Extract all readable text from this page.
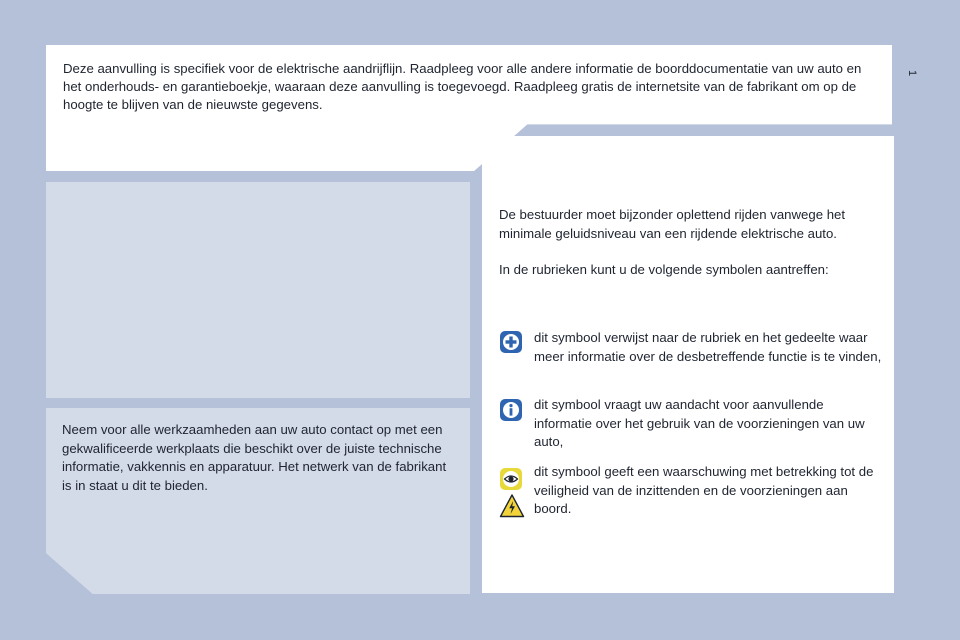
1

Deze aanvulling is specifiek voor de elektrische aandrijflijn. Raadpleeg voor alle andere informatie de boorddocumentatie van uw auto en het onderhouds- en garantieboekje, waaraan deze aanvulling is toegevoegd. Raadpleeg gratis de internetsite van de fabrikant om op de hoogte te blijven van de nieuwste gegevens.

Neem voor alle werkzaamheden aan uw auto contact op met een gekwalificeerde werkplaats die beschikt over de juiste technische informatie, vakkennis en apparatuur. Het netwerk van de fabrikant is in staat u dit te bieden.

De bestuurder moet bijzonder oplettend rijden vanwege het minimale geluidsniveau van een rijdende elektrische auto.

In de rubrieken kunt u de volgende symbolen aantreffen:

dit symbool verwijst naar de rubriek en het gedeelte waar meer informatie over de desbetreffende functie is te vinden,

dit symbool vraagt uw aandacht voor aanvullende informatie over het gebruik van de voorzieningen van uw auto,

dit symbool geeft een waarschuwing met betrekking tot de veiligheid van de inzittenden en de voorzieningen aan boord.
